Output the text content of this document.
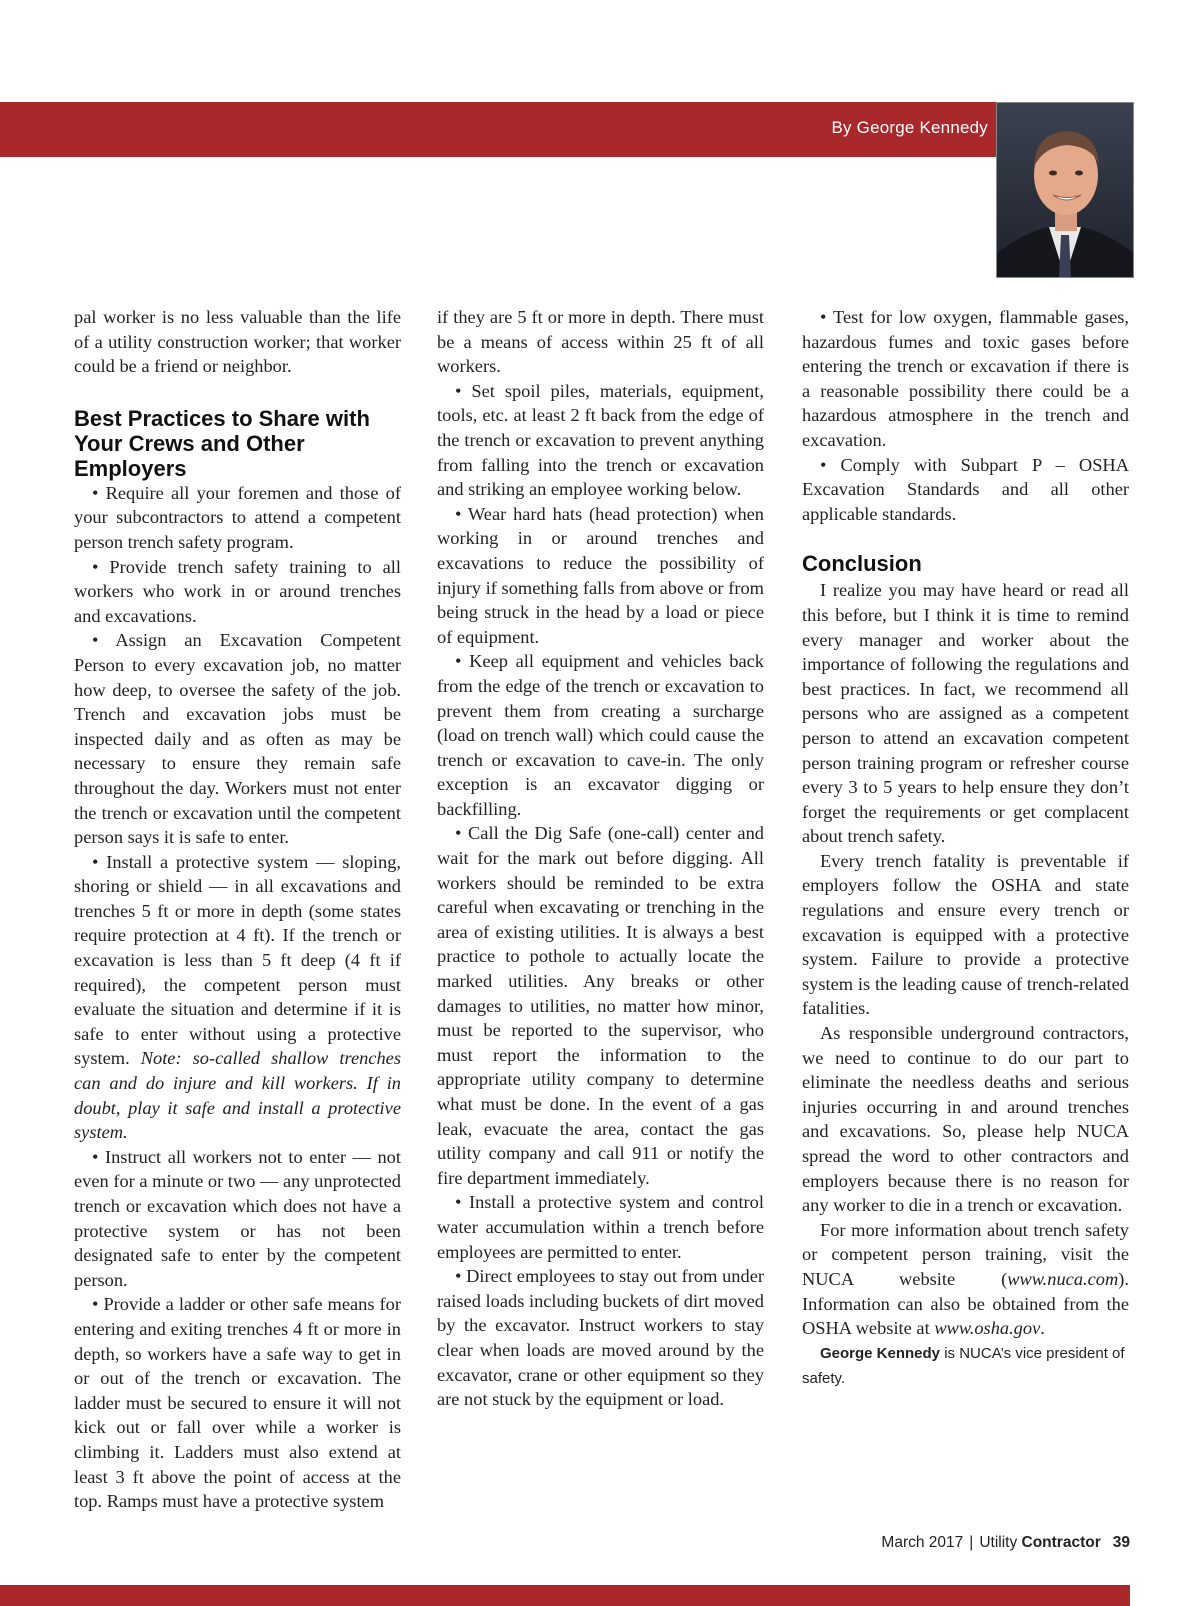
By George Kennedy

pal worker is no less valuable than the life of a utility construction worker; that worker could be a friend or neighbor.

Best Practices to Share with Your Crews and Other Employers

• Require all your foremen and those of your subcontractors to attend a competent person trench safety program.

• Provide trench safety training to all workers who work in or around trenches and excavations.

• Assign an Excavation Competent Person to every excavation job, no matter how deep, to oversee the safety of the job. Trench and excavation jobs must be inspected daily and as often as may be necessary to ensure they remain safe throughout the day. Workers must not enter the trench or excavation until the competent person says it is safe to enter.

• Install a protective system — sloping, shoring or shield — in all excavations and trenches 5 ft or more in depth (some states require protection at 4 ft). If the trench or excavation is less than 5 ft deep (4 ft if required), the competent person must evaluate the situation and determine if it is safe to enter without using a protective system. Note: so-called shallow trenches can and do injure and kill workers. If in doubt, play it safe and install a protective system.

• Instruct all workers not to enter — not even for a minute or two — any unprotected trench or excavation which does not have a protective system or has not been designated safe to enter by the competent person.

• Provide a ladder or other safe means for entering and exiting trenches 4 ft or more in depth, so workers have a safe way to get in or out of the trench or excavation. The ladder must be secured to ensure it will not kick out or fall over while a worker is climbing it. Ladders must also extend at least 3 ft above the point of access at the top. Ramps must have a protective system

if they are 5 ft or more in depth. There must be a means of access within 25 ft of all workers.

• Set spoil piles, materials, equipment, tools, etc. at least 2 ft back from the edge of the trench or excavation to prevent anything from falling into the trench or excavation and striking an employee working below.

• Wear hard hats (head protection) when working in or around trenches and excavations to reduce the possibility of injury if something falls from above or from being struck in the head by a load or piece of equipment.

• Keep all equipment and vehicles back from the edge of the trench or excavation to prevent them from creating a surcharge (load on trench wall) which could cause the trench or excavation to cave-in. The only exception is an excavator digging or backfilling.

• Call the Dig Safe (one-call) center and wait for the mark out before digging. All workers should be reminded to be extra careful when excavating or trenching in the area of existing utilities. It is always a best practice to pothole to actually locate the marked utilities. Any breaks or other damages to utilities, no matter how minor, must be reported to the supervisor, who must report the information to the appropriate utility company to determine what must be done. In the event of a gas leak, evacuate the area, contact the gas utility company and call 911 or notify the fire department immediately.

• Install a protective system and control water accumulation within a trench before employees are permitted to enter.

• Direct employees to stay out from under raised loads including buckets of dirt moved by the excavator. Instruct workers to stay clear when loads are moved around by the excavator, crane or other equipment so they are not stuck by the equipment or load.

• Test for low oxygen, flammable gases, hazardous fumes and toxic gases before entering the trench or excavation if there is a reasonable possibility there could be a hazardous atmosphere in the trench and excavation.

• Comply with Subpart P – OSHA Excavation Standards and all other applicable standards.

Conclusion

I realize you may have heard or read all this before, but I think it is time to remind every manager and worker about the importance of following the regulations and best practices. In fact, we recommend all persons who are assigned as a competent person to attend an excavation competent person training program or refresher course every 3 to 5 years to help ensure they don’t forget the requirements or get complacent about trench safety.

Every trench fatality is preventable if employers follow the OSHA and state regulations and ensure every trench or excavation is equipped with a protective system. Failure to provide a protective system is the leading cause of trench-related fatalities.

As responsible underground contractors, we need to continue to do our part to eliminate the needless deaths and serious injuries occurring in and around trenches and excavations. So, please help NUCA spread the word to other contractors and employers because there is no reason for any worker to die in a trench or excavation.

For more information about trench safety or competent person training, visit the NUCA website (www.nuca.com). Information can also be obtained from the OSHA website at www.osha.gov.

George Kennedy is NUCA’s vice president of safety.

March 2017 | Utility Contractor 39
